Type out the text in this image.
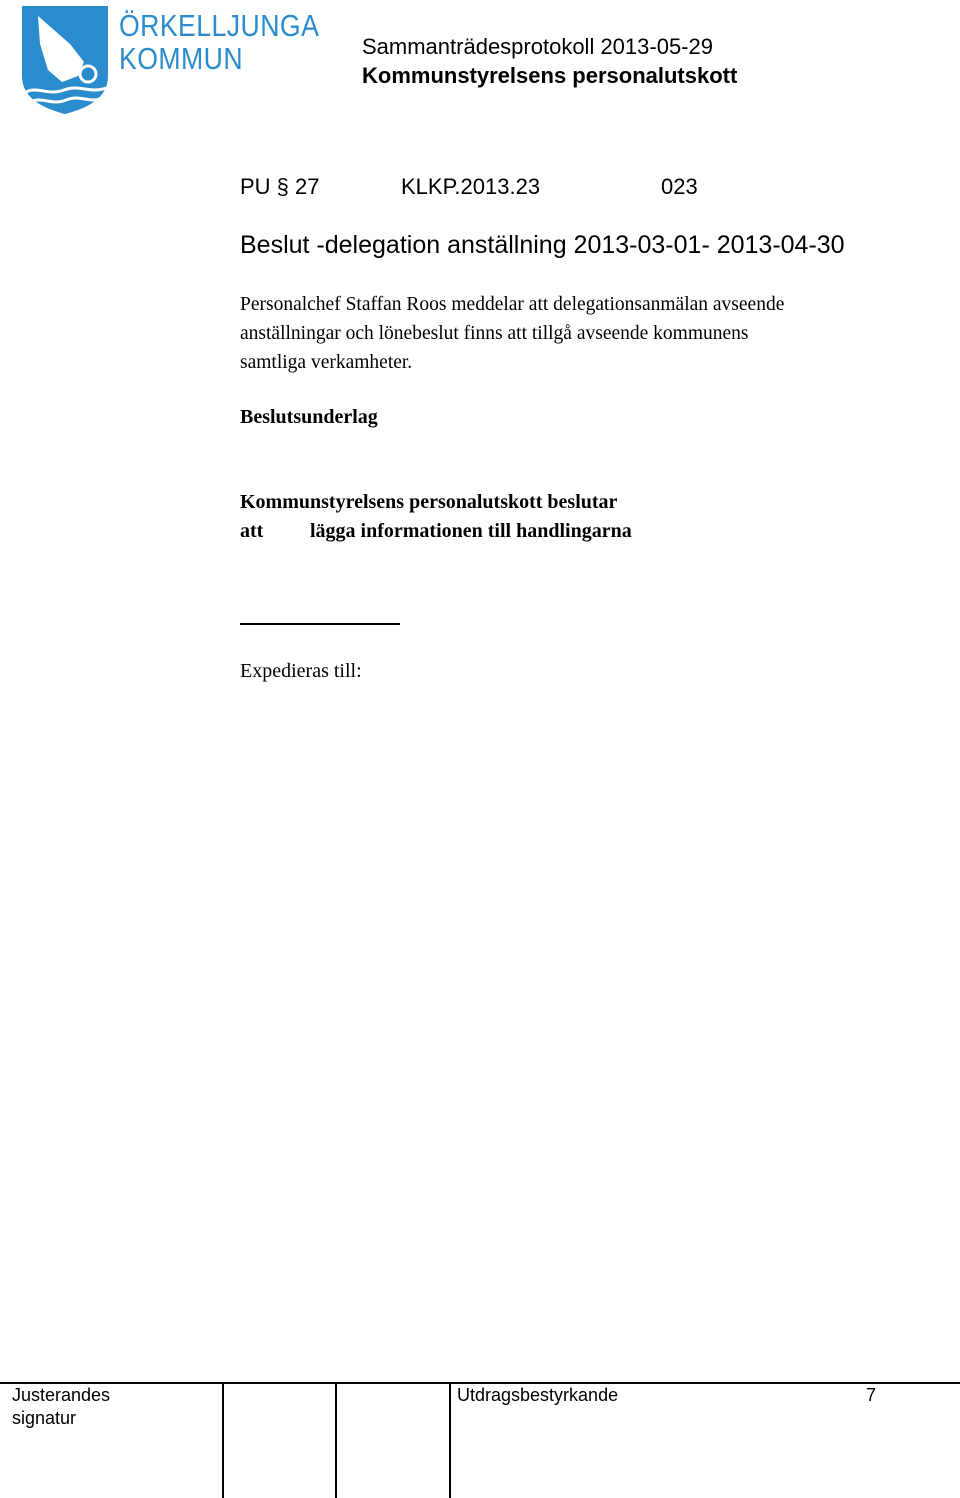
ÖRKELLJUNGA
KOMMUN	Sammanträdesprotokoll 2013-05-29
Kommunstyrelsens personalutskott
PU § 27	KLKP.2013.23	023
Beslut -delegation anställning 2013-03-01- 2013-04-30
Personalchef Staffan Roos meddelar att delegationsanmälan avseende
anställningar och lönebeslut finns att tillgå avseende kommunens
samtliga verkamheter.
Beslutsunderlag
Kommunstyrelsens personalutskott beslutar
att lägga informationen till handlingarna
Expedieras till:
Justerandes
signatur
Utdragsbestyrkande	7
